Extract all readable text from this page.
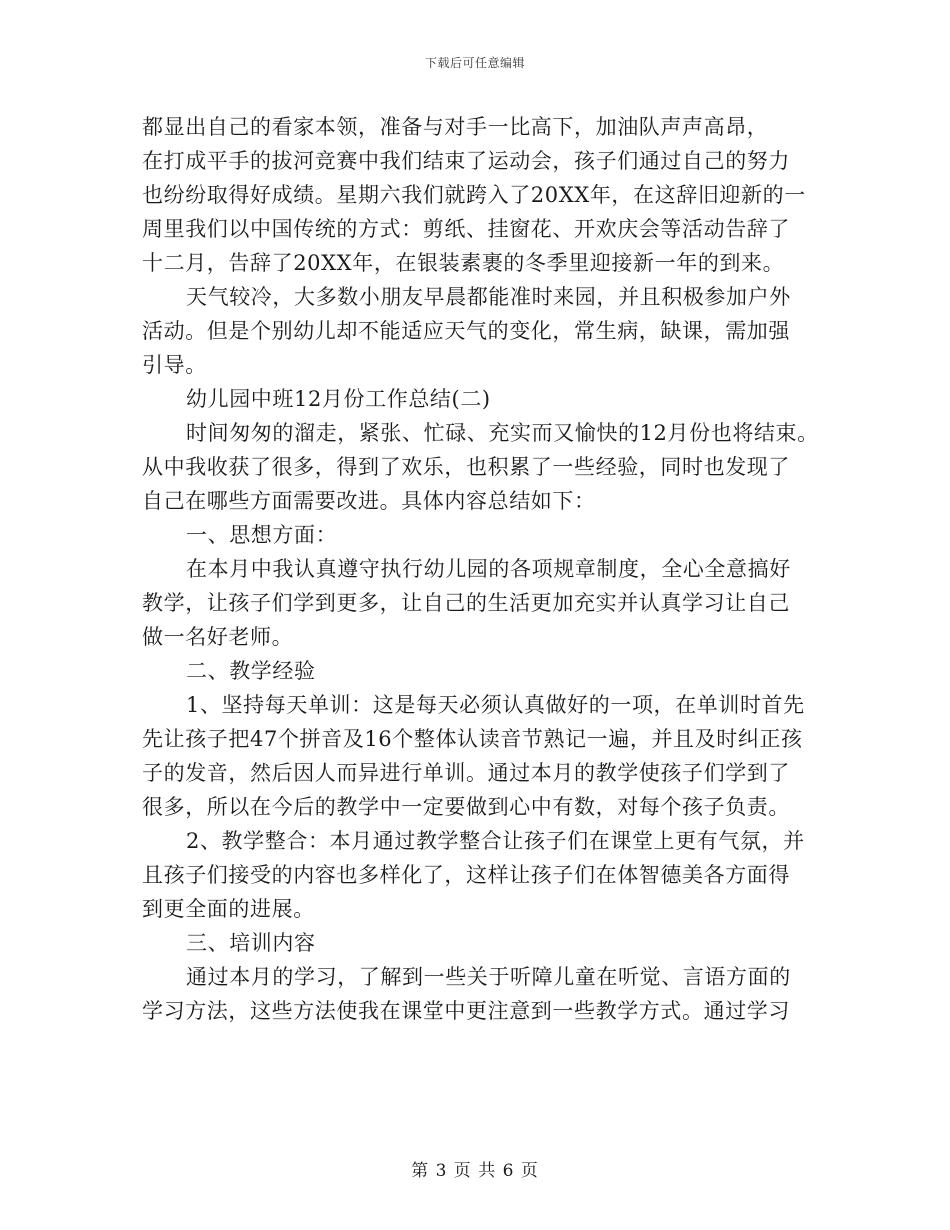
下载后可任意编辑
都显出自己的看家本领，准备与对手一比高下，加油队声声高昂，
在打成平手的拔河竞赛中我们结束了运动会，孩子们通过自己的努力
也纷纷取得好成绩。星期六我们就跨入了20XX年，在这辞旧迎新的一
周里我们以中国传统的方式：剪纸、挂窗花、开欢庆会等活动告辞了
十二月，告辞了20XX年，在银装素裹的冬季里迎接新一年的到来。
天气较冷，大多数小朋友早晨都能准时来园，并且积极参加户外
活动。但是个别幼儿却不能适应天气的变化，常生病，缺课，需加强
引导。
幼儿园中班12月份工作总结(二)
时间匆匆的溜走，紧张、忙碌、充实而又愉快的12月份也将结束。
从中我收获了很多，得到了欢乐，也积累了一些经验，同时也发现了
自己在哪些方面需要改进。具体内容总结如下：
一、思想方面：
在本月中我认真遵守执行幼儿园的各项规章制度，全心全意搞好
教学，让孩子们学到更多，让自己的生活更加充实并认真学习让自己
做一名好老师。
二、教学经验
1、坚持每天单训：这是每天必须认真做好的一项，在单训时首先
先让孩子把47个拼音及16个整体认读音节熟记一遍，并且及时纠正孩
子的发音，然后因人而异进行单训。通过本月的教学使孩子们学到了
很多，所以在今后的教学中一定要做到心中有数，对每个孩子负责。
2、教学整合：本月通过教学整合让孩子们在课堂上更有气氛，并
且孩子们接受的内容也多样化了，这样让孩子们在体智德美各方面得
到更全面的进展。
三、培训内容
通过本月的学习，了解到一些关于听障儿童在听觉、言语方面的
学习方法，这些方法使我在课堂中更注意到一些教学方式。通过学习
第 3 页 共 6 页
